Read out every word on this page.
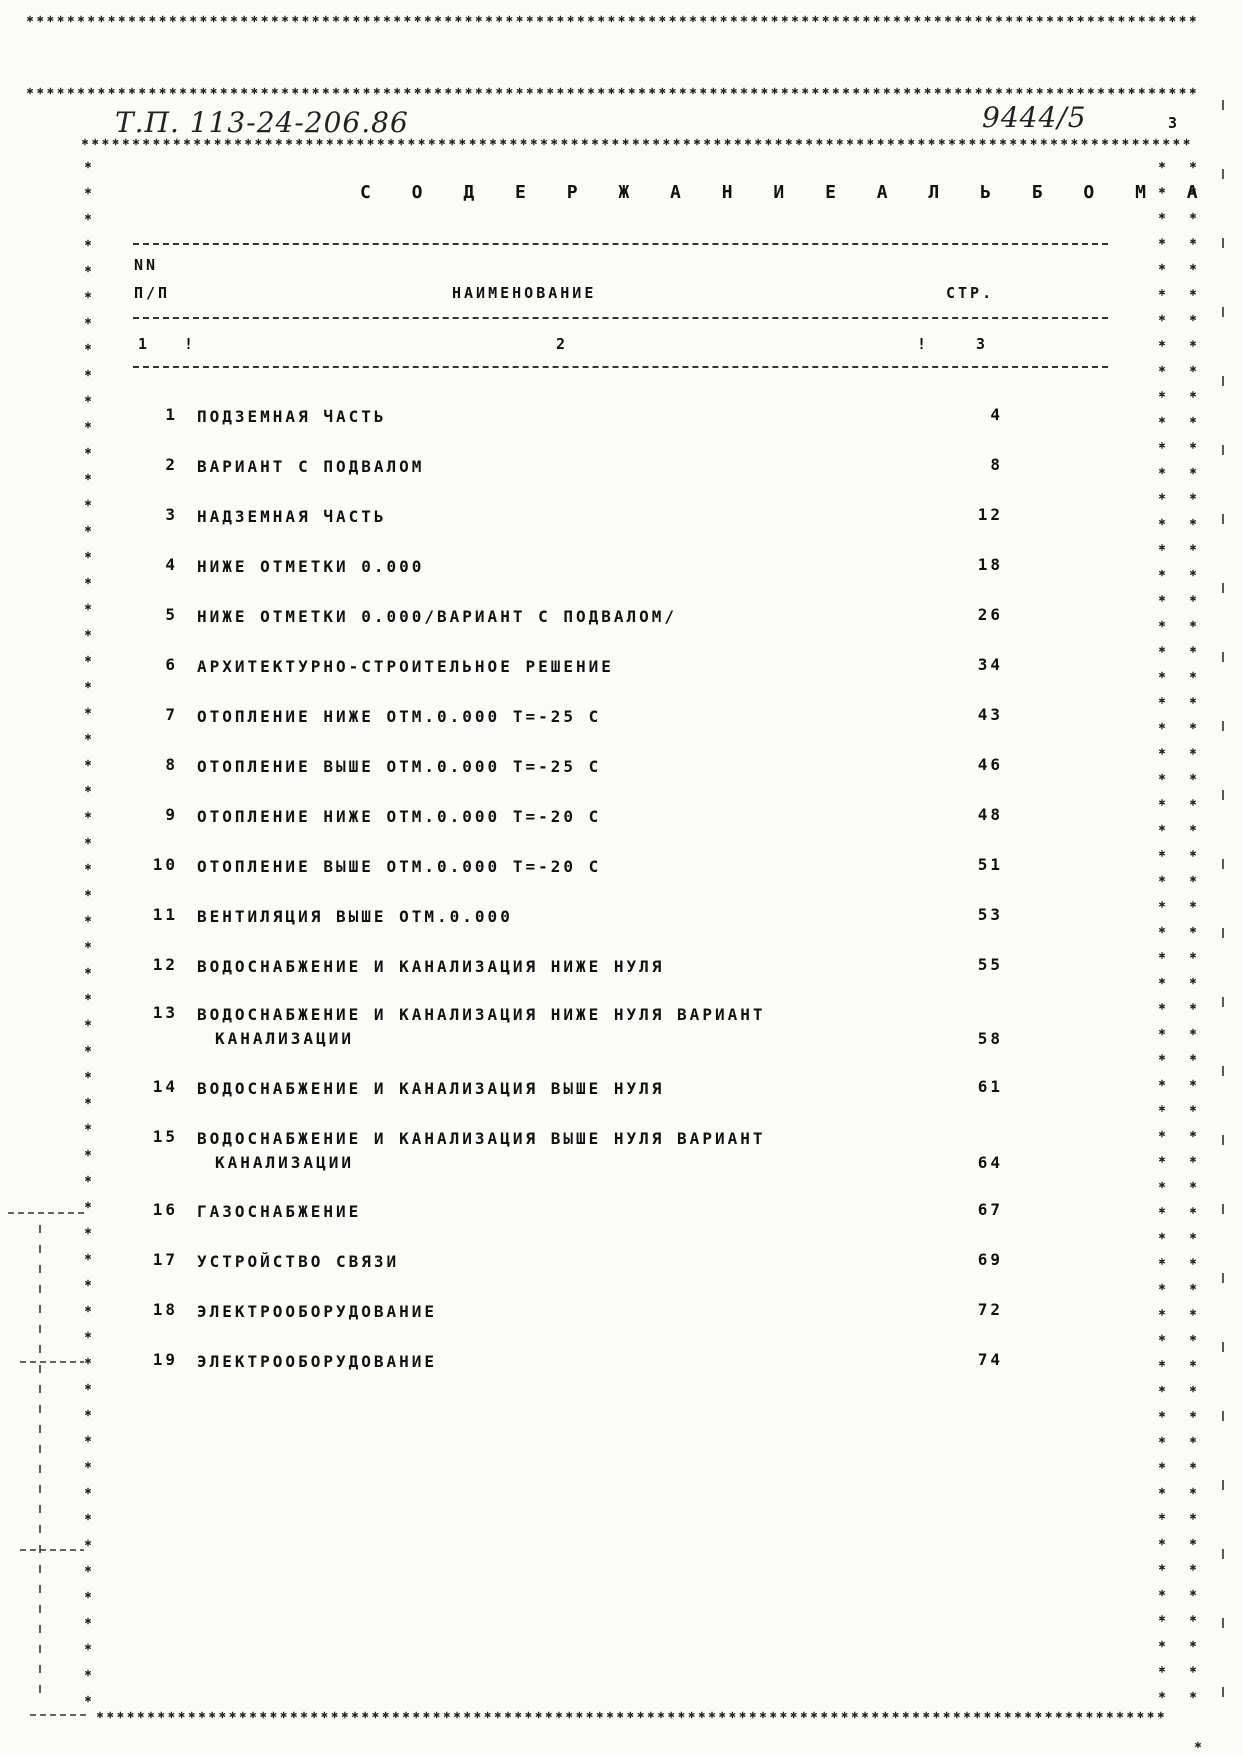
Т.П. 113-24-206.86	9444/5	3
С О Д Е Р Ж А Н И Е А Л Ь Б О М А
NN
П/П	НАИМЕНОВАНИЕ	СТР.
1 !	2	!	3
1 ПОДЗЕМНАЯ ЧАСТЬ	4
2 ВАРИАНТ С ПОДВАЛОМ	8
3 НАДЗЕМНАЯ ЧАСТЬ	12
4 НИЖЕ ОТМЕТКИ 0.000	18
5 НИЖЕ ОТМЕТКИ 0.000/ВАРИАНТ С ПОДВАЛОМ/	26
6 АРХИТЕКТУРНО-СТРОИТЕЛЬНОЕ РЕШЕНИЕ	34
7 ОТОПЛЕНИЕ НИЖЕ ОТМ.0.000 Т=-25 С	43
8 ОТОПЛЕНИЕ ВЫШЕ ОТМ.0.000 Т=-25 С	46
9 ОТОПЛЕНИЕ НИЖЕ ОТМ.0.000 Т=-20 С	48
10 ОТОПЛЕНИЕ ВЫШЕ ОТМ.0.000 Т=-20 С	51
11 ВЕНТИЛЯЦИЯ ВЫШЕ ОТМ.0.000	53
12 ВОДОСНАБЖЕНИЕ И КАНАЛИЗАЦИЯ НИЖЕ НУЛЯ	55
13 ВОДОСНАБЖЕНИЕ И КАНАЛИЗАЦИЯ НИЖЕ НУЛЯ ВАРИАНТ
КАНАЛИЗАЦИИ	58
14 ВОДОСНАБЖЕНИЕ И КАНАЛИЗАЦИЯ ВЫШЕ НУЛЯ	61
15 ВОДОСНАБЖЕНИЕ И КАНАЛИЗАЦИЯ ВЫШЕ НУЛЯ ВАРИАНТ
КАНАЛИЗАЦИИ	64
16 ГАЗОСНАБЖЕНИЕ	67
17 УСТРОЙСТВО СВЯЗИ	69
18 ЭЛЕКТРООБОРУДОВАНИЕ	72
19 ЭЛЕКТРООБОРУДОВАНИЕ	74
